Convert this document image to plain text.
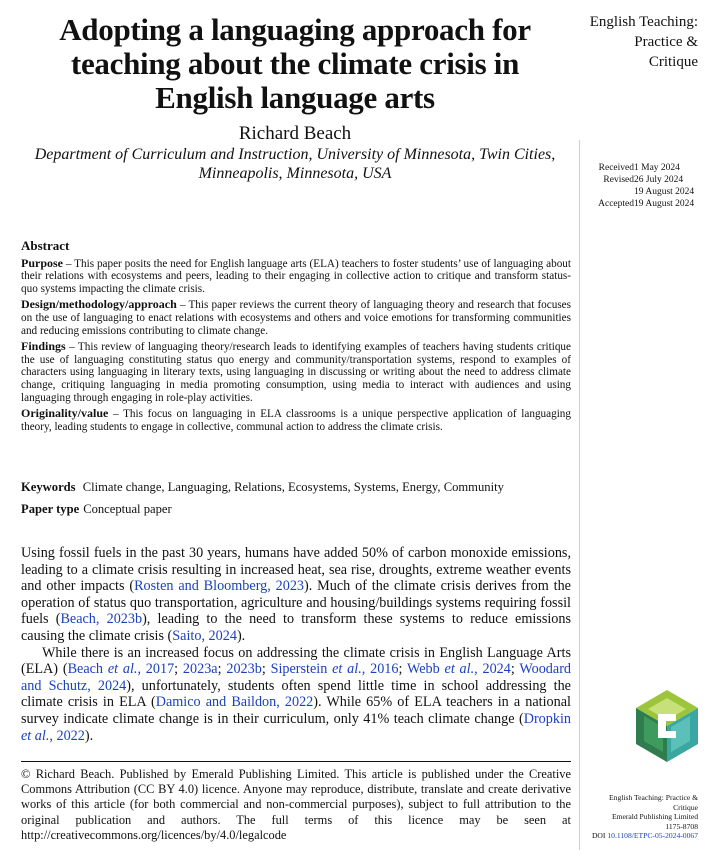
Adopting a languaging approach for teaching about the climate crisis in English language arts
Richard Beach
Department of Curriculum and Instruction, University of Minnesota, Twin Cities, Minneapolis, Minnesota, USA
English Teaching:
Practice &
Critique
Received 1 May 2024
Revised 26 July 2024
19 August 2024
Accepted 19 August 2024
Abstract

Purpose – This paper posits the need for English language arts (ELA) teachers to foster students’ use of languaging about their relations with ecosystems and peers, leading to their engaging in collective action to critique and transform status-quo systems impacting the climate crisis.

Design/methodology/approach – This paper reviews the current theory of languaging theory and research that focuses on the use of languaging to enact relations with ecosystems and others and voice emotions for transforming communities and reducing emissions contributing to climate change.

Findings – This review of languaging theory/research leads to identifying examples of teachers having students critique the use of languaging constituting status quo energy and community/transportation systems, respond to examples of characters using languaging in literary texts, using languaging in discussing or writing about the need to address climate change, critiquing languaging in media promoting consumption, using media to interact with audiences and using languaging through engaging in role-play activities.

Originality/value – This focus on languaging in ELA classrooms is a unique perspective application of languaging theory, leading students to engage in collective, communal action to address the climate crisis.

Keywords Climate change, Languaging, Relations, Ecosystems, Systems, Energy, Community
Paper type Conceptual paper

Using fossil fuels in the past 30 years, humans have added 50% of carbon monoxide emissions, leading to a climate crisis resulting in increased heat, sea rise, droughts, extreme weather events and other impacts (Rosten and Bloomberg, 2023). Much of the climate crisis derives from the operation of status quo transportation, agriculture and housing/buildings systems requiring fossil fuels (Beach, 2023b), leading to the need to transform these systems to reduce emissions causing the climate crisis (Saito, 2024).

While there is an increased focus on addressing the climate crisis in English Language Arts (ELA) (Beach et al., 2017; 2023a; 2023b; Siperstein et al., 2016; Webb et al., 2024; Woodard and Schutz, 2024), unfortunately, students often spend little time in school addressing the climate crisis in ELA (Damico and Baildon, 2022). While 65% of ELA teachers in a national survey indicate climate change is in their curriculum, only 41% teach climate change (Dropkin et al., 2022).

© Richard Beach. Published by Emerald Publishing Limited. This article is published under the Creative Commons Attribution (CC BY 4.0) licence. Anyone may reproduce, distribute, translate and create derivative works of this article (for both commercial and non-commercial purposes), subject to full attribution to the original publication and authors. The full terms of this licence may be seen at http://creativecommons.org/licences/by/4.0/legalcode
English Teaching: Practice &
Critique
Emerald Publishing Limited
1175-8708
DOI 10.1108/ETPC-05-2024-0067
